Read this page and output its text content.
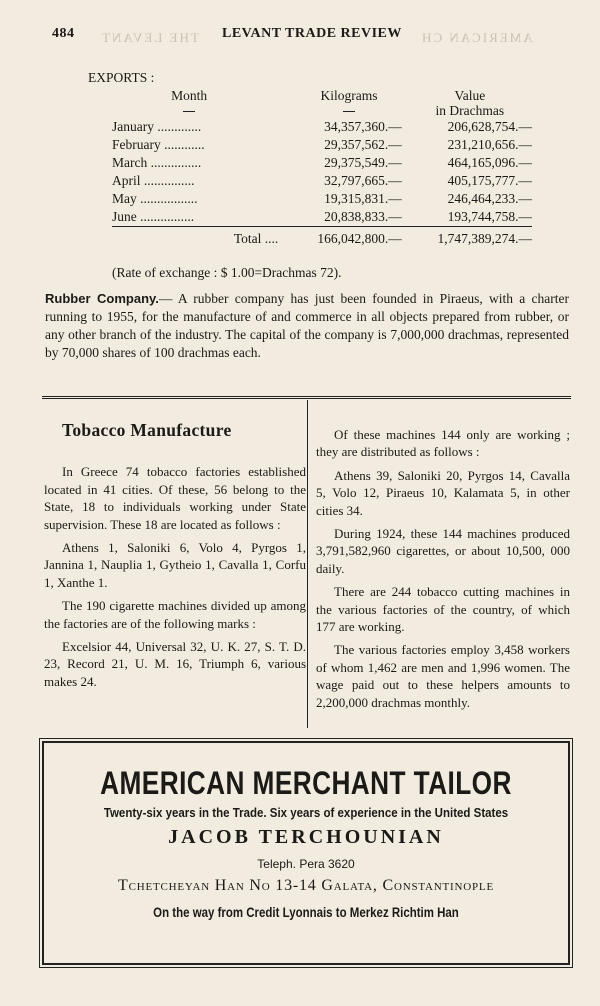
484	LEVANT TRADE REVIEW
THE LEVANT	AMERICAN CH
EXPORTS :
Month	Kilograms	Value
in Drachmas
January .............	34,357,360.—	206,628,754.—
February ............	29,357,562.—	231,210,656.—
March ...............	29,375,549.—	464,165,096.—
April ...............	32,797,665.—	405,175,777.—
May .................	19,315,831.—	246,464,233.—
June ................	20,838,833.—	193,744,758.—
Total ....	166,042,800.—	1,747,389,274.—
(Rate of exchange : $ 1.00=Drachmas 72).
Rubber Company.— A rubber company has just been founded in Piraeus, with a charter running to 1955, for the manufacture of and commerce in all objects prepared from rubber, or any other branch of the industry. The capital of the company is 7,000,000 drachmas, represented by 70,000 shares of 100 drachmas each.
Tobacco Manufacture

In Greece 74 tobacco factories established located in 41 cities. Of these, 56 belong to the State, 18 to individuals working under State supervision. These 18 are located as follows :

Athens 1, Saloniki 6, Volo 4, Pyrgos 1, Jannina 1, Nauplia 1, Gytheio 1, Cavalla 1, Corfu 1, Xanthe 1.

The 190 cigarette machines divided up among the factories are of the following marks :

Excelsior 44, Universal 32, U. K. 27, S. T. D. 23, Record 21, U. M. 16, Triumph 6, various makes 24.

Of these machines 144 only are working ; they are distributed as follows :

Athens 39, Saloniki 20, Pyrgos 14, Cavalla 5, Volo 12, Piraeus 10, Kalamata 5, in other cities 34.

During 1924, these 144 machines produced 3,791,582,960 cigarettes, or about 10,500, 000 daily.

There are 244 tobacco cutting machines in the various factories of the country, of which 177 are working.

The various factories employ 3,458 workers of whom 1,462 are men and 1,996 women. The wage paid out to these helpers amounts to 2,200,000 drachmas monthly.

AMERICAN MERCHANT TAILOR
Twenty-six years in the Trade. Six years of experience in the United States
JACOB TERCHOUNIAN
Teleph. Pera 3620
Tchetcheyan Han No 13-14 Galata, Constantinople
On the way from Credit Lyonnais to Merkez Richtim Han
